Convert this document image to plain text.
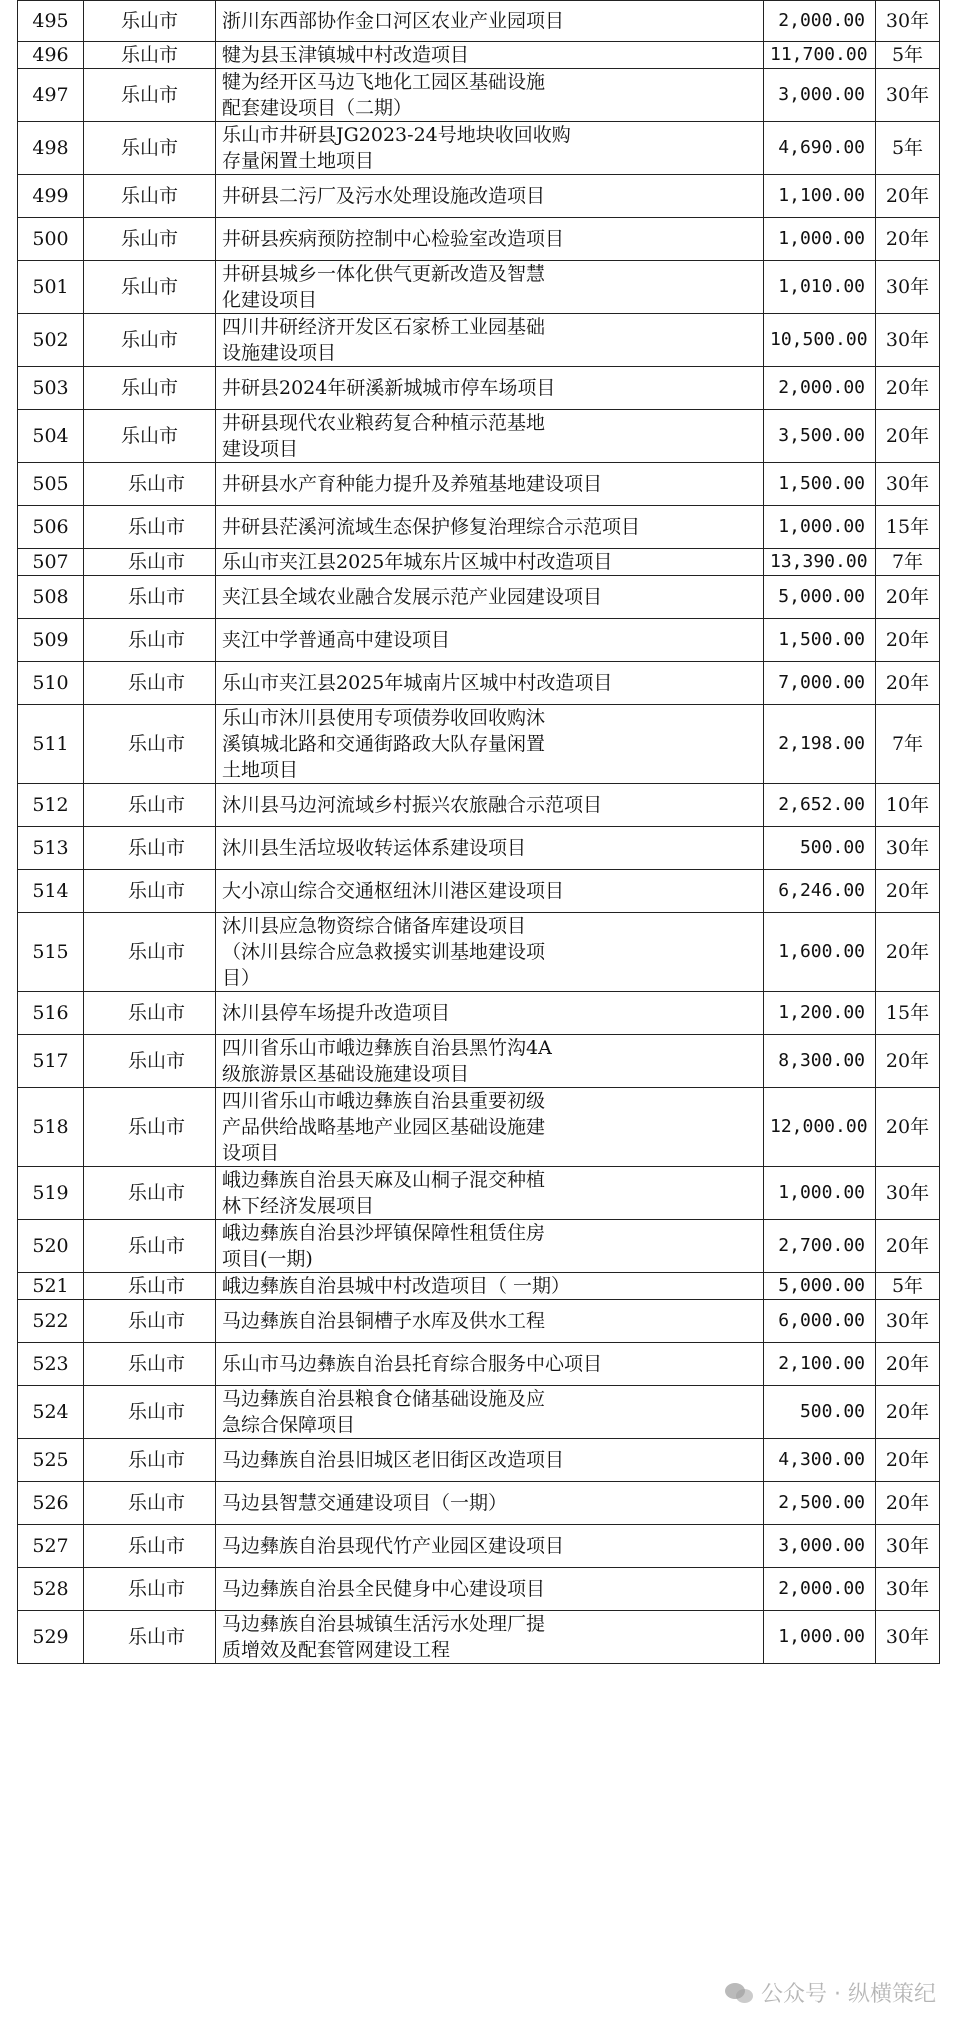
495	乐山市	浙川东西部协作金口河区农业产业园项目	2,000.00	30年
496	乐山市	犍为县玉津镇城中村改造项目	11,700.00	5年
497	乐山市	犍为经开区马边飞地化工园区基础设施
配套建设项目（二期）	3,000.00	30年
498	乐山市	乐山市井研县JG2023-24号地块收回收购
存量闲置土地项目	4,690.00	5年
499	乐山市	井研县二污厂及污水处理设施改造项目	1,100.00	20年
500	乐山市	井研县疾病预防控制中心检验室改造项目	1,000.00	20年
501	乐山市	井研县城乡一体化供气更新改造及智慧
化建设项目	1,010.00	30年
502	乐山市	四川井研经济开发区石家桥工业园基础
设施建设项目	10,500.00	30年
503	乐山市	井研县2024年研溪新城城市停车场项目	2,000.00	20年
504	乐山市	井研县现代农业粮药复合种植示范基地
建设项目	3,500.00	20年
505	乐山市	井研县水产育种能力提升及养殖基地建设项目	1,500.00	30年
506	乐山市	井研县茫溪河流域生态保护修复治理综合示范项目	1,000.00	15年
507	乐山市	乐山市夹江县2025年城东片区城中村改造项目	13,390.00	7年
508	乐山市	夹江县全域农业融合发展示范产业园建设项目	5,000.00	20年
509	乐山市	夹江中学普通高中建设项目	1,500.00	20年
510	乐山市	乐山市夹江县2025年城南片区城中村改造项目	7,000.00	20年
511	乐山市	乐山市沐川县使用专项债券收回收购沐
溪镇城北路和交通街路政大队存量闲置
土地项目	2,198.00	7年
512	乐山市	沐川县马边河流域乡村振兴农旅融合示范项目	2,652.00	10年
513	乐山市	沐川县生活垃圾收转运体系建设项目	500.00	30年
514	乐山市	大小凉山综合交通枢纽沐川港区建设项目	6,246.00	20年
515	乐山市	沐川县应急物资综合储备库建设项目
（沐川县综合应急救援实训基地建设项
目）	1,600.00	20年
516	乐山市	沐川县停车场提升改造项目	1,200.00	15年
517	乐山市	四川省乐山市峨边彝族自治县黑竹沟4A
级旅游景区基础设施建设项目	8,300.00	20年
518	乐山市	四川省乐山市峨边彝族自治县重要初级
产品供给战略基地产业园区基础设施建
设项目	12,000.00	20年
519	乐山市	峨边彝族自治县天麻及山桐子混交种植
林下经济发展项目	1,000.00	30年
520	乐山市	峨边彝族自治县沙坪镇保障性租赁住房
项目(一期)	2,700.00	20年
521	乐山市	峨边彝族自治县城中村改造项目（ 一期）	5,000.00	5年
522	乐山市	马边彝族自治县铜槽子水库及供水工程	6,000.00	30年
523	乐山市	乐山市马边彝族自治县托育综合服务中心项目	2,100.00	20年
524	乐山市	马边彝族自治县粮食仓储基础设施及应
急综合保障项目	500.00	20年
525	乐山市	马边彝族自治县旧城区老旧街区改造项目	4,300.00	20年
526	乐山市	马边县智慧交通建设项目（一期）	2,500.00	20年
527	乐山市	马边彝族自治县现代竹产业园区建设项目	3,000.00	30年
528	乐山市	马边彝族自治县全民健身中心建设项目	2,000.00	30年
529	乐山市	马边彝族自治县城镇生活污水处理厂提
质增效及配套管网建设工程	1,000.00	30年
公众号 · 纵横策纪
